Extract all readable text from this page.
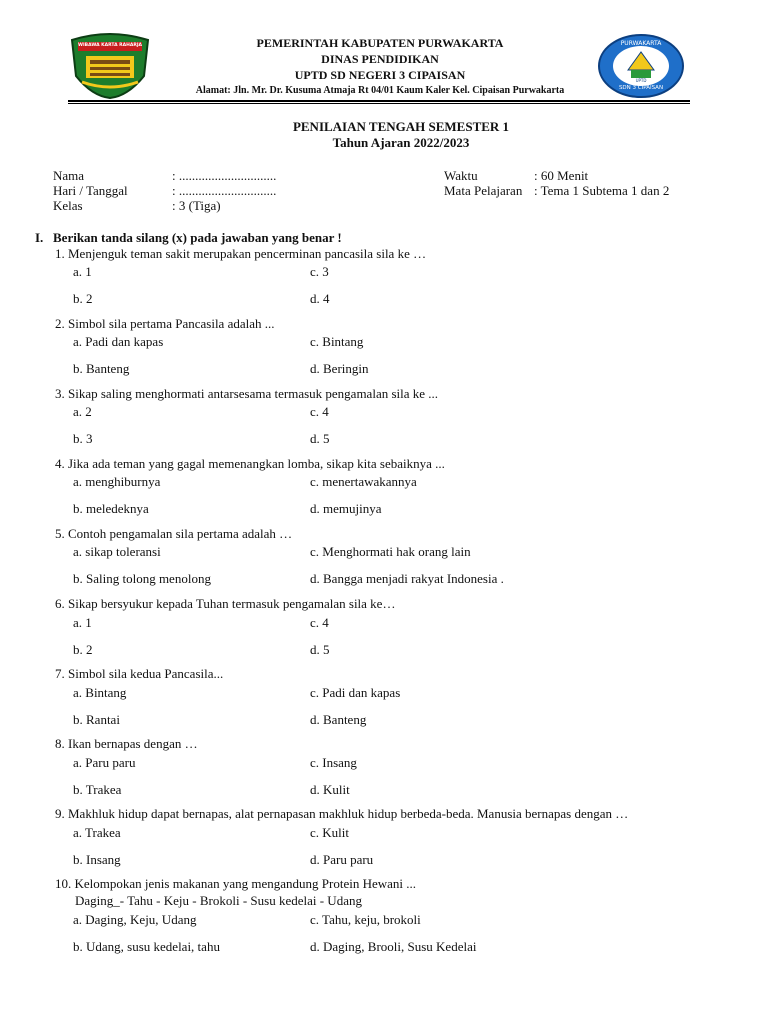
WIBAWA KARTA RAHARJA	PURWAKARTA
UPTD
SDN 3 CIPAISAN
PEMERINTAH KABUPATEN PURWAKARTA
DINAS PENDIDIKAN
UPTD SD NEGERI 3 CIPAISAN
Alamat: Jln. Mr. Dr. Kusuma Atmaja Rt 04/01 Kaum Kaler Kel. Cipaisan Purwakarta
PENILAIAN TENGAH SEMESTER 1
Tahun Ajaran 2022/2023
Nama	: ..............................
Hari / Tanggal	: ..............................
Kelas	: 3 (Tiga)
Waktu	: 60 Menit
Mata Pelajaran : Tema 1 Subtema 1 dan 2
I. Berikan tanda silang (x) pada jawaban yang benar !
1. Menjenguk teman sakit merupakan pencerminan pancasila sila ke …
a. 1	c. 3
b. 2	d. 4
2. Simbol sila pertama Pancasila adalah ...
a. Padi dan kapas	c. Bintang
b. Banteng	d. Beringin
3. Sikap saling menghormati antarsesama termasuk pengamalan sila ke ...
a. 2	c. 4
b. 3	d. 5
4. Jika ada teman yang gagal memenangkan lomba, sikap kita sebaiknya ...
a. menghiburnya	c. menertawakannya
b. meledeknya	d. memujinya
5. Contoh pengamalan sila pertama adalah …
a. sikap toleransi	c. Menghormati hak orang lain
b. Saling tolong menolong	d. Bangga menjadi rakyat Indonesia .
6. Sikap bersyukur kepada Tuhan termasuk pengamalan sila ke…
a. 1	c. 4
b. 2	d. 5
7. Simbol sila kedua Pancasila...
a. Bintang	c. Padi dan kapas
b. Rantai	d. Banteng
8. Ikan bernapas dengan …
a. Paru paru	c. Insang
b. Trakea	d. Kulit
9. Makhluk hidup dapat bernapas, alat pernapasan makhluk hidup berbeda-beda. Manusia bernapas dengan …
a. Trakea	c. Kulit
b. Insang	d. Paru paru
10. Kelompokan jenis makanan yang mengandung Protein Hewani ...
Daging_- Tahu - Keju - Brokoli - Susu kedelai - Udang
a. Daging, Keju, Udang	c. Tahu, keju, brokoli
b. Udang, susu kedelai, tahu	d. Daging, Brooli, Susu Kedelai
